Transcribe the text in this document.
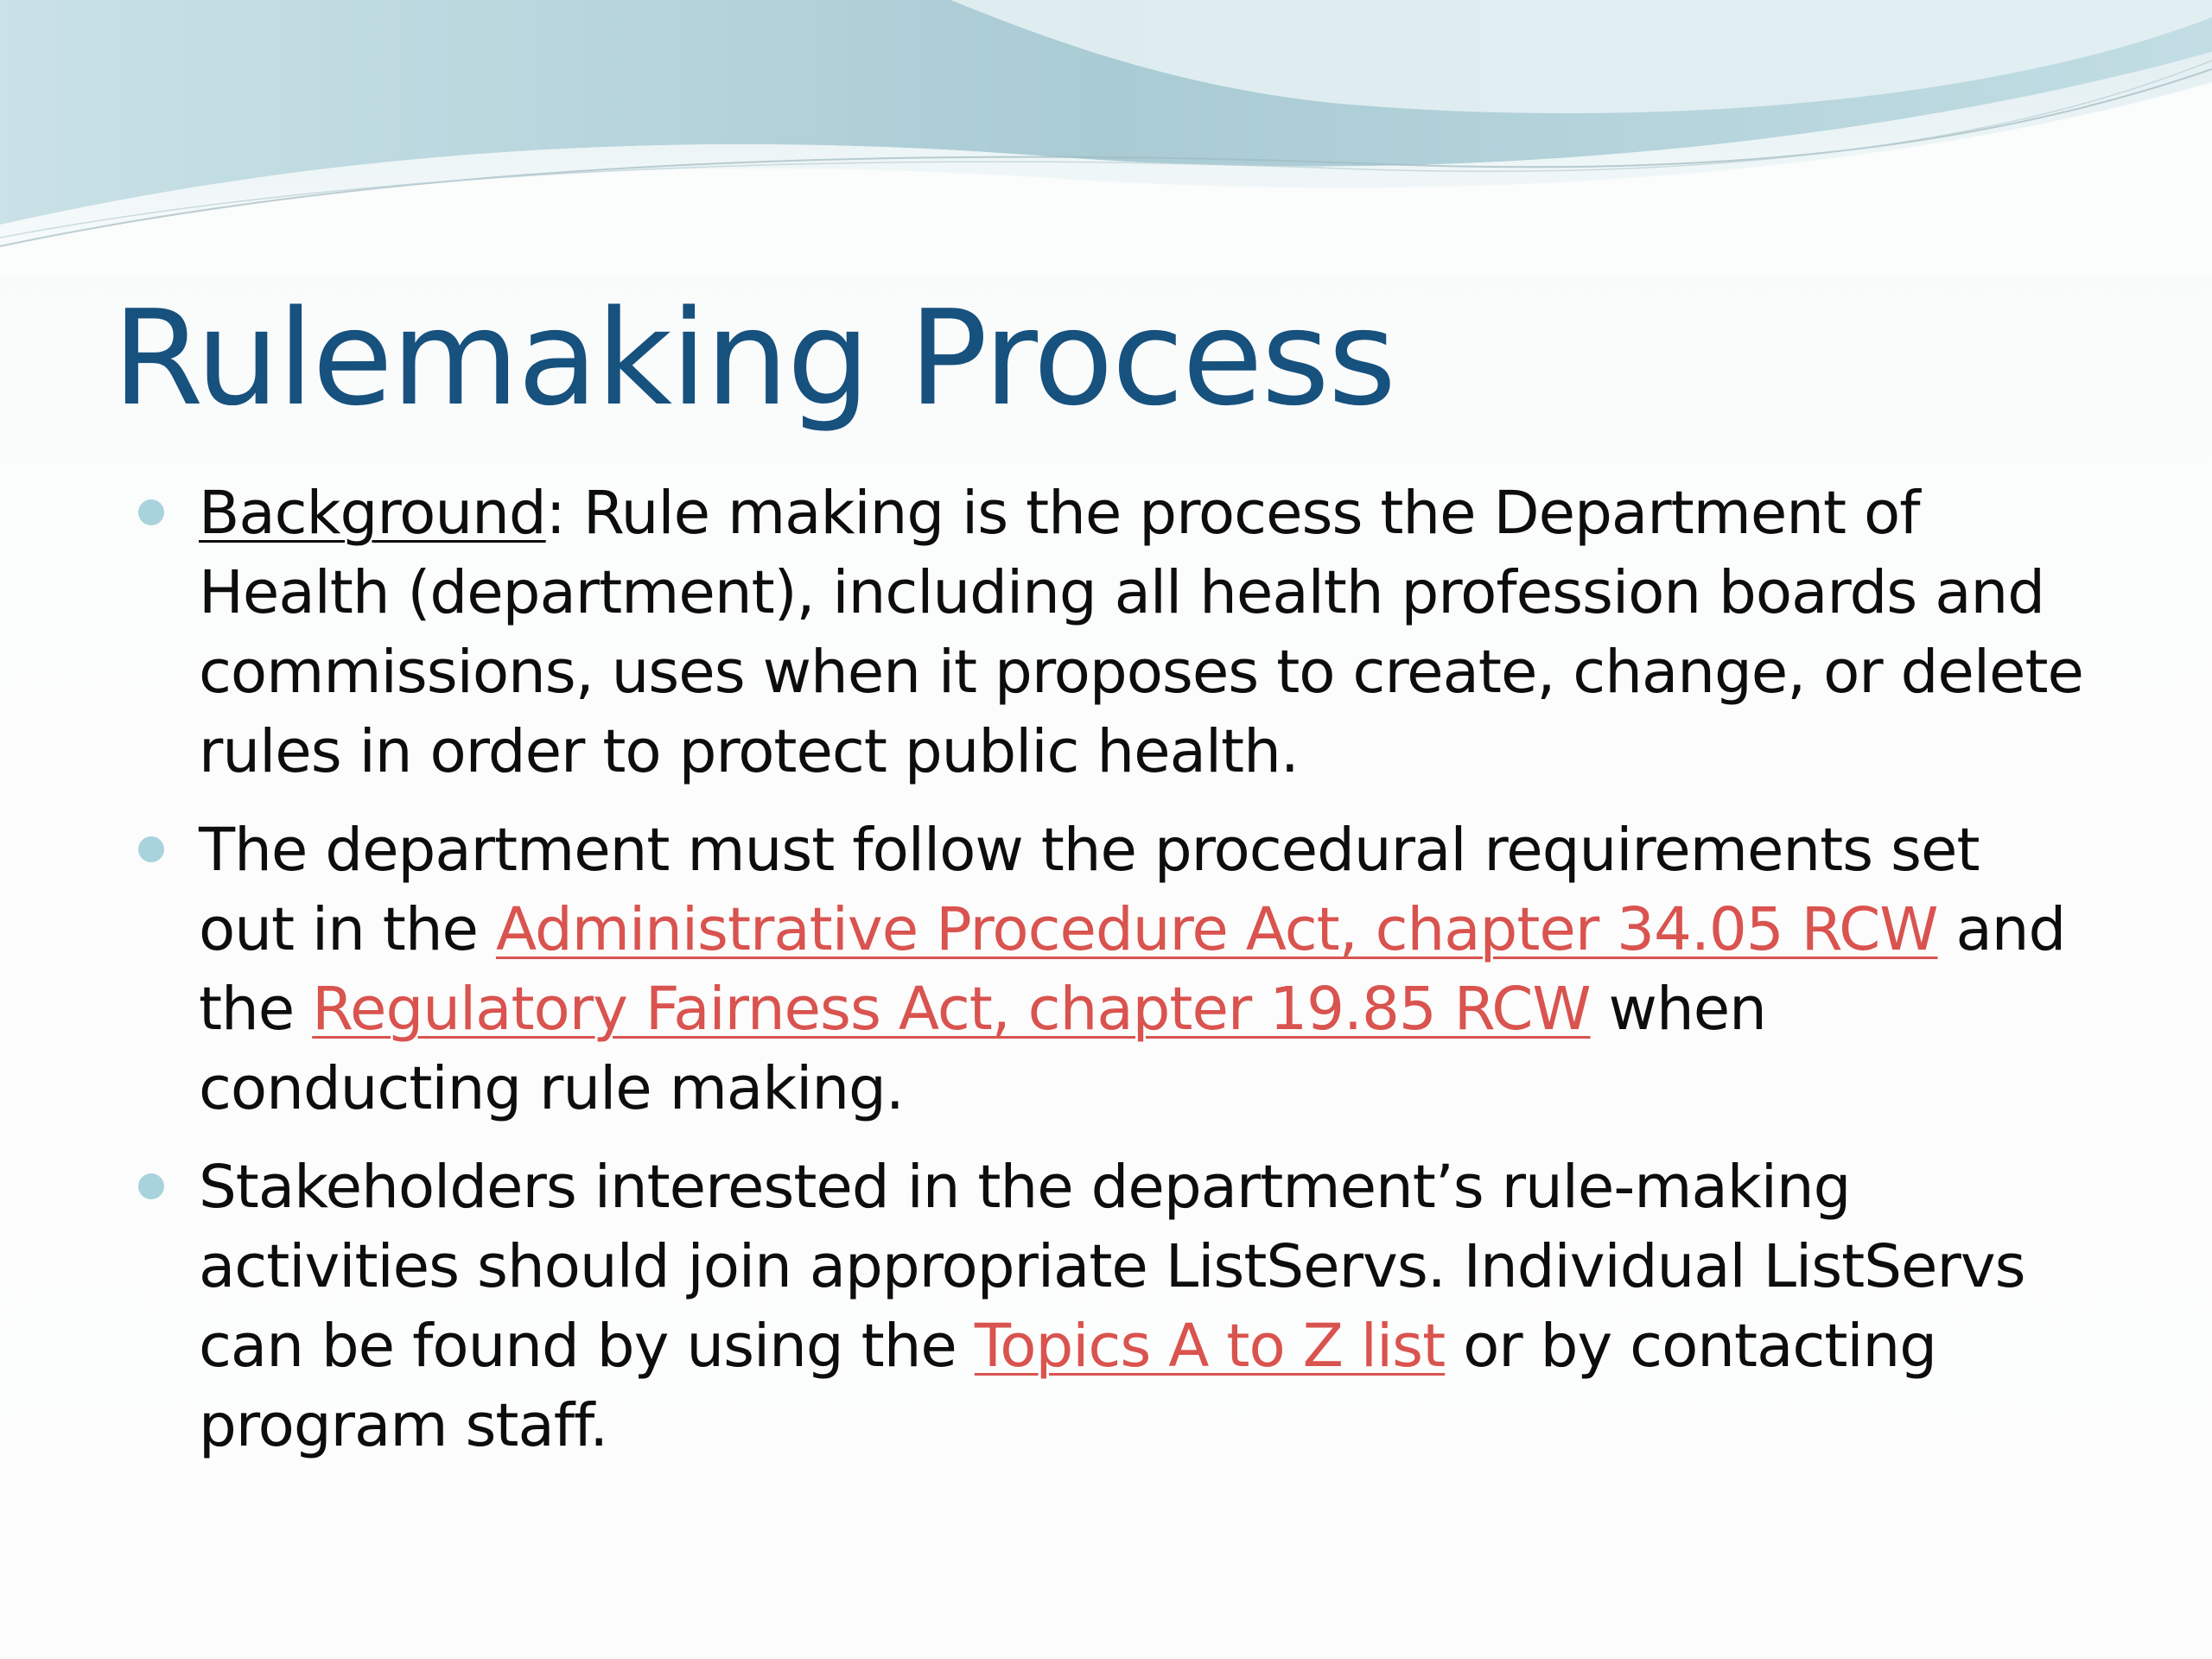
Rulemaking Process
Background: Rule making is the process the Department of Health (department), including all health profession boards and commissions, uses when it proposes to create, change, or delete rules in order to protect public health.
The department must follow the procedural requirements set out in the Administrative Procedure Act, chapter 34.05 RCW and the Regulatory Fairness Act, chapter 19.85 RCW when conducting rule making.
Stakeholders interested in the department’s rule-making activities should join appropriate ListServs. Individual ListServs can be found by using the Topics A to Z list or by contacting program staff.
